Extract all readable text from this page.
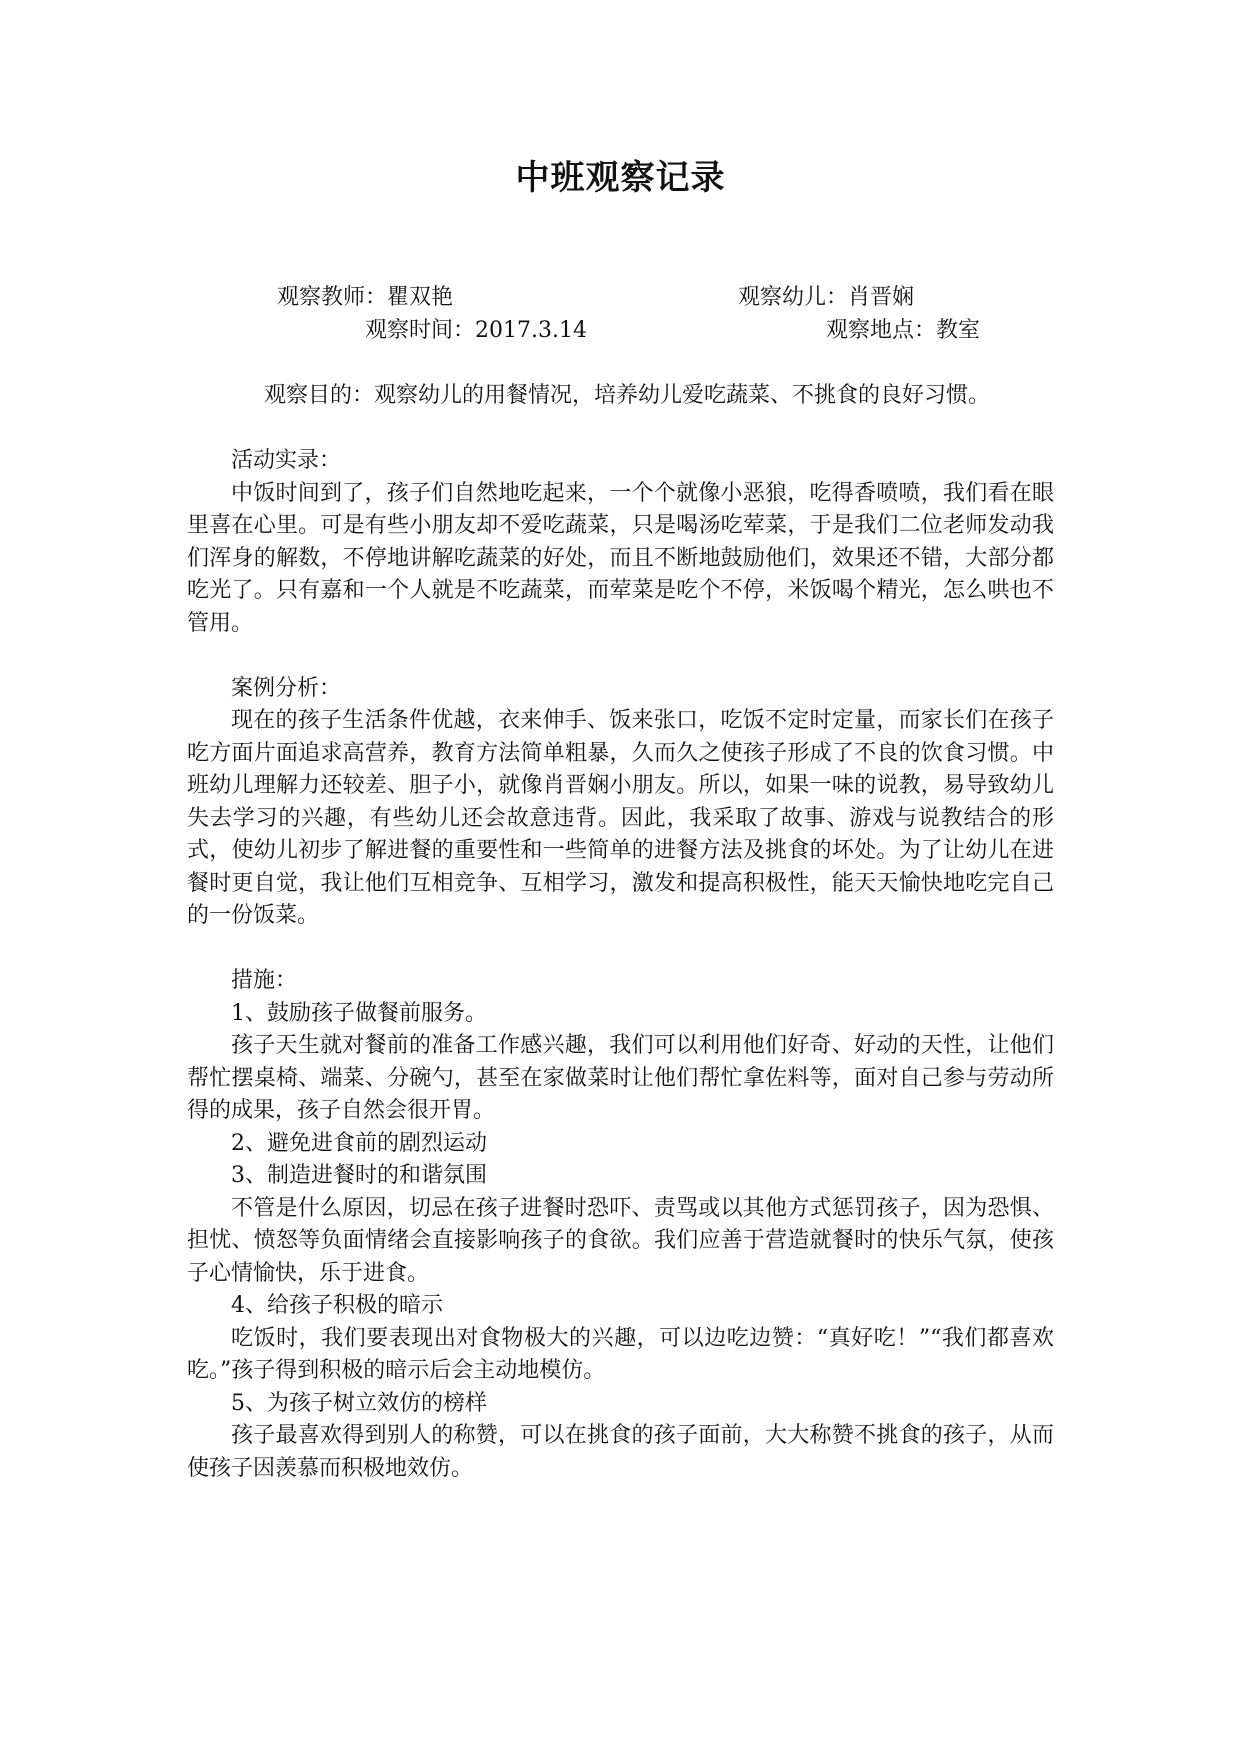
中班观察记录
观察教师：瞿双艳	观察幼儿：肖晋娴
观察时间：2017.3.14	观察地点：教室

观察目的：观察幼儿的用餐情况，培养幼儿爱吃蔬菜、不挑食的良好习惯。

活动实录：

中饭时间到了，孩子们自然地吃起来，一个个就像小恶狼，吃得香喷喷，我们看在眼里喜在心里。可是有些小朋友却不爱吃蔬菜，只是喝汤吃荤菜，于是我们二位老师发动我们浑身的解数，不停地讲解吃蔬菜的好处，而且不断地鼓励他们，效果还不错，大部分都吃光了。只有嘉和一个人就是不吃蔬菜，而荤菜是吃个不停，米饭喝个精光，怎么哄也不管用。

案例分析：

现在的孩子生活条件优越，衣来伸手、饭来张口，吃饭不定时定量，而家长们在孩子吃方面片面追求高营养，教育方法简单粗暴，久而久之使孩子形成了不良的饮食习惯。中班幼儿理解力还较差、胆子小，就像肖晋娴小朋友。所以，如果一味的说教，易导致幼儿失去学习的兴趣，有些幼儿还会故意违背。因此，我采取了故事、游戏与说教结合的形式，使幼儿初步了解进餐的重要性和一些简单的进餐方法及挑食的坏处。为了让幼儿在进餐时更自觉，我让他们互相竞争、互相学习，激发和提高积极性，能天天愉快地吃完自己的一份饭菜。

措施：

1、鼓励孩子做餐前服务。

孩子天生就对餐前的准备工作感兴趣，我们可以利用他们好奇、好动的天性，让他们帮忙摆桌椅、端菜、分碗勺，甚至在家做菜时让他们帮忙拿佐料等，面对自己参与劳动所得的成果，孩子自然会很开胃。

2、避免进食前的剧烈运动

3、制造进餐时的和谐氛围

不管是什么原因，切忌在孩子进餐时恐吓、责骂或以其他方式惩罚孩子，因为恐惧、担忧、愤怒等负面情绪会直接影响孩子的食欲。我们应善于营造就餐时的快乐气氛，使孩子心情愉快，乐于进食。

4、给孩子积极的暗示

吃饭时，我们要表现出对食物极大的兴趣，可以边吃边赞：“真好吃！”“我们都喜欢吃。”孩子得到积极的暗示后会主动地模仿。

5、为孩子树立效仿的榜样

孩子最喜欢得到别人的称赞，可以在挑食的孩子面前，大大称赞不挑食的孩子，从而使孩子因羡慕而积极地效仿。
